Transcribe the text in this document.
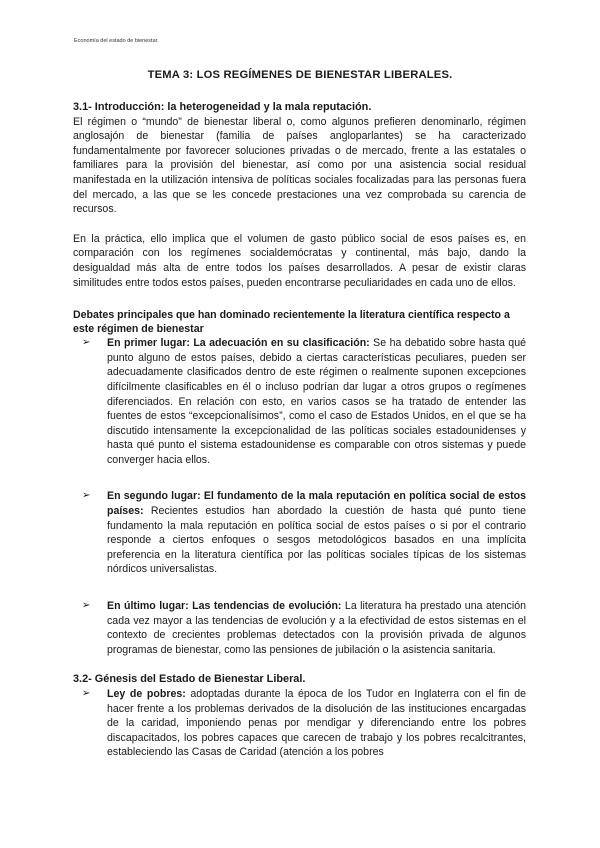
Economía del estado de bienestar.
TEMA 3: LOS REGÍMENES DE BIENESTAR LIBERALES.
3.1- Introducción: la heterogeneidad y la mala reputación.

El régimen o “mundo” de bienestar liberal o, como algunos prefieren denominarlo, régimen anglosajón de bienestar (familia de países angloparlantes) se ha caracterizado fundamentalmente por favorecer soluciones privadas o de mercado, frente a las estatales o familiares para la provisión del bienestar, así como por una asistencia social residual manifestada en la utilización intensiva de políticas sociales focalizadas para las personas fuera del mercado, a las que se les concede prestaciones una vez comprobada su carencia de recursos.

En la práctica, ello implica que el volumen de gasto público social de esos países es, en comparación con los regímenes socialdemócratas y continental, más bajo, dando la desigualdad más alta de entre todos los países desarrollados. A pesar de existir claras similitudes entre todos estos países, pueden encontrarse peculiaridades en cada uno de ellos.

Debates principales que han dominado recientemente la literatura científica respecto a este régimen de bienestar
➢	En primer lugar: La adecuación en su clasificación: Se ha debatido sobre hasta qué punto alguno de estos países, debido a ciertas características peculiares, pueden ser adecuadamente clasificados dentro de este régimen o realmente suponen excepciones difícilmente clasificables en él o incluso podrían dar lugar a otros grupos o regímenes diferenciados. En relación con esto, en varios casos se ha tratado de entender las fuentes de estos “excepcionalísimos”, como el caso de Estados Unidos, en el que se ha discutido intensamente la excepcionalidad de las políticas sociales estadounidenses y hasta qué punto el sistema estadounidense es comparable con otros sistemas y puede converger hacia ellos.
➢	En segundo lugar: El fundamento de la mala reputación en política social de estos países: Recientes estudios han abordado la cuestión de hasta qué punto tiene fundamento la mala reputación en política social de estos países o si por el contrario responde a ciertos enfoques o sesgos metodológicos basados en una implícita preferencia en la literatura científica por las políticas sociales típicas de los sistemas nórdicos universalistas.
➢	En último lugar: Las tendencias de evolución: La literatura ha prestado una atención cada vez mayor a las tendencias de evolución y a la efectividad de estos sistemas en el contexto de crecientes problemas detectados con la provisión privada de algunos programas de bienestar, como las pensiones de jubilación o la asistencia sanitaria.
3.2- Génesis del Estado de Bienestar Liberal.
➢	Ley de pobres: adoptadas durante la época de los Tudor en Inglaterra con el fin de hacer frente a los problemas derivados de la disolución de las instituciones encargadas de la caridad, imponiendo penas por mendigar y diferenciando entre los pobres discapacitados, los pobres capaces que carecen de trabajo y los pobres recalcitrantes, estableciendo las Casas de Caridad (atención a los pobres
